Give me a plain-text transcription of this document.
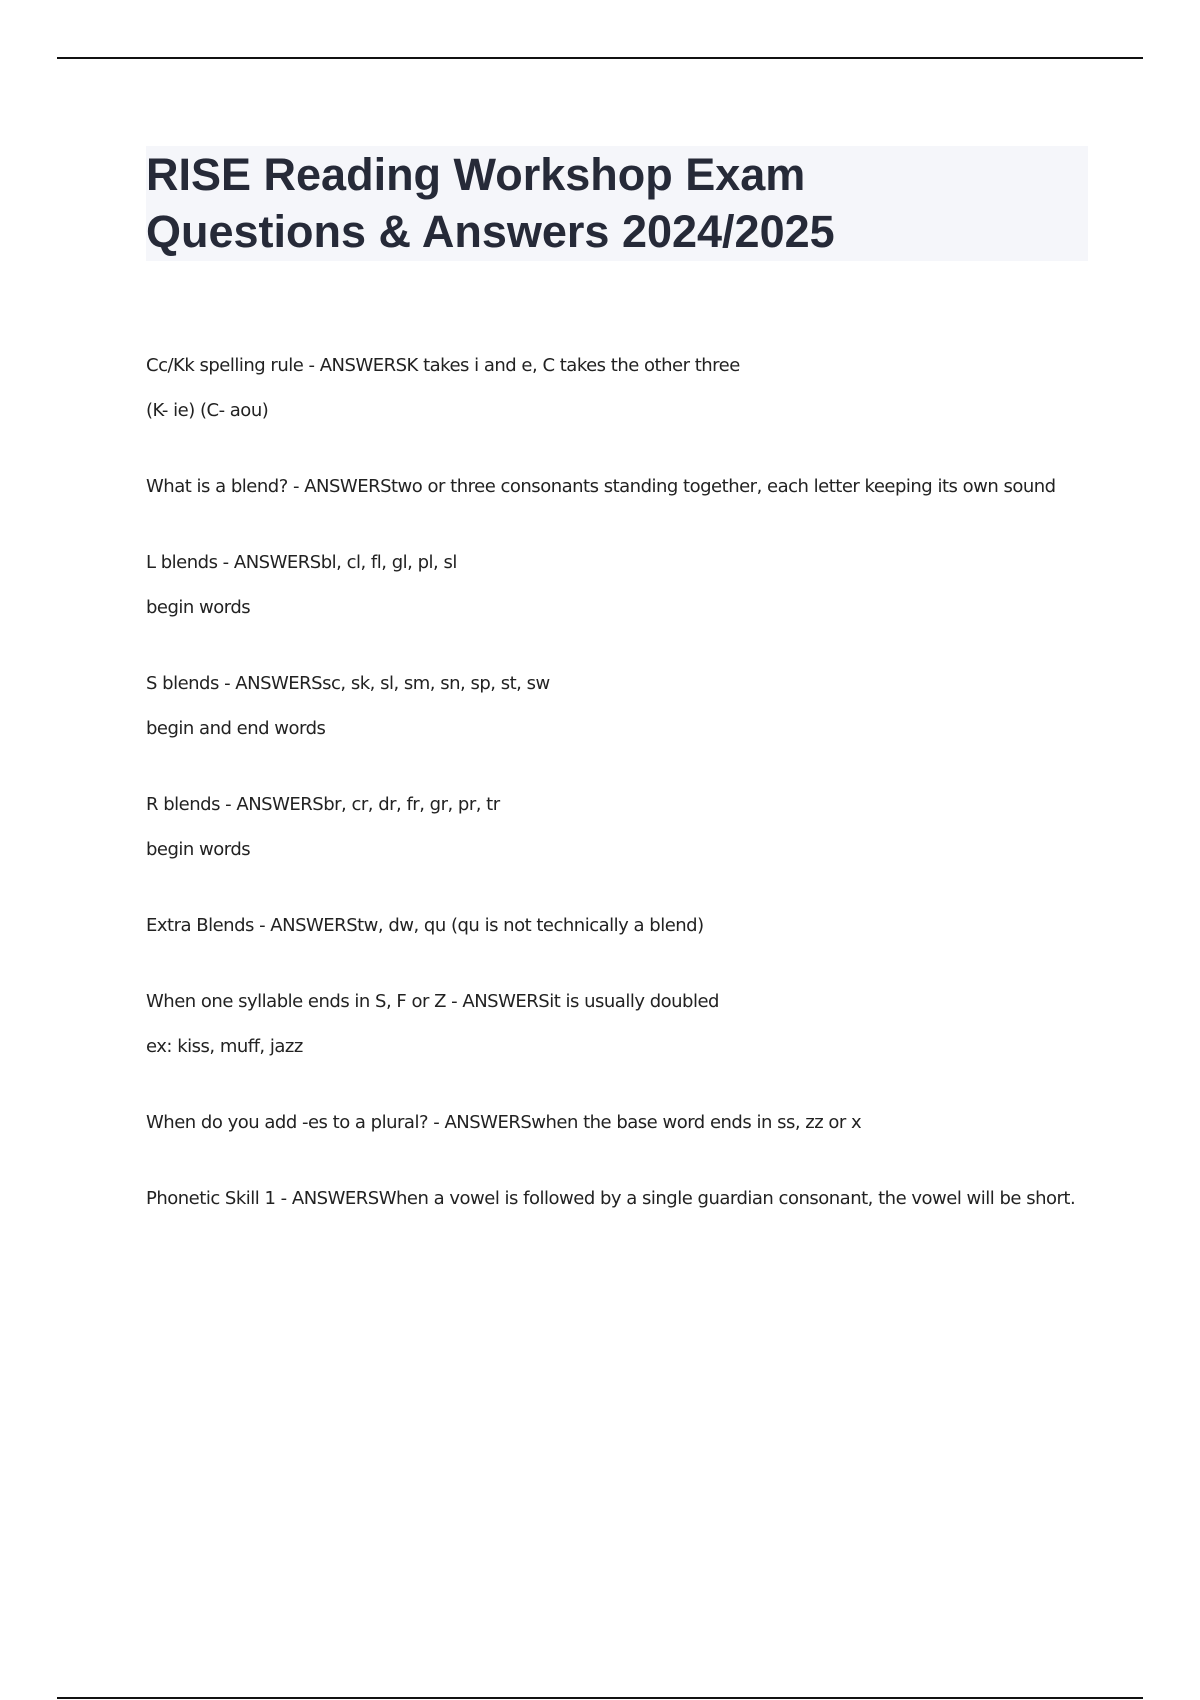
RISE Reading Workshop Exam
Questions & Answers 2024/2025

Cc/Kk spelling rule - ANSWERSK takes i and e, C takes the other three

(K- ie) (C- aou)

What is a blend? - ANSWERStwo or three consonants standing together, each letter keeping its own sound

L blends - ANSWERSbl, cl, fl, gl, pl, sl

begin words

S blends - ANSWERSsc, sk, sl, sm, sn, sp, st, sw

begin and end words

R blends - ANSWERSbr, cr, dr, fr, gr, pr, tr

begin words

Extra Blends - ANSWERStw, dw, qu (qu is not technically a blend)

When one syllable ends in S, F or Z - ANSWERSit is usually doubled

ex: kiss, muff, jazz

When do you add -es to a plural? - ANSWERSwhen the base word ends in ss, zz or x

Phonetic Skill 1 - ANSWERSWhen a vowel is followed by a single guardian consonant, the vowel will be short.
